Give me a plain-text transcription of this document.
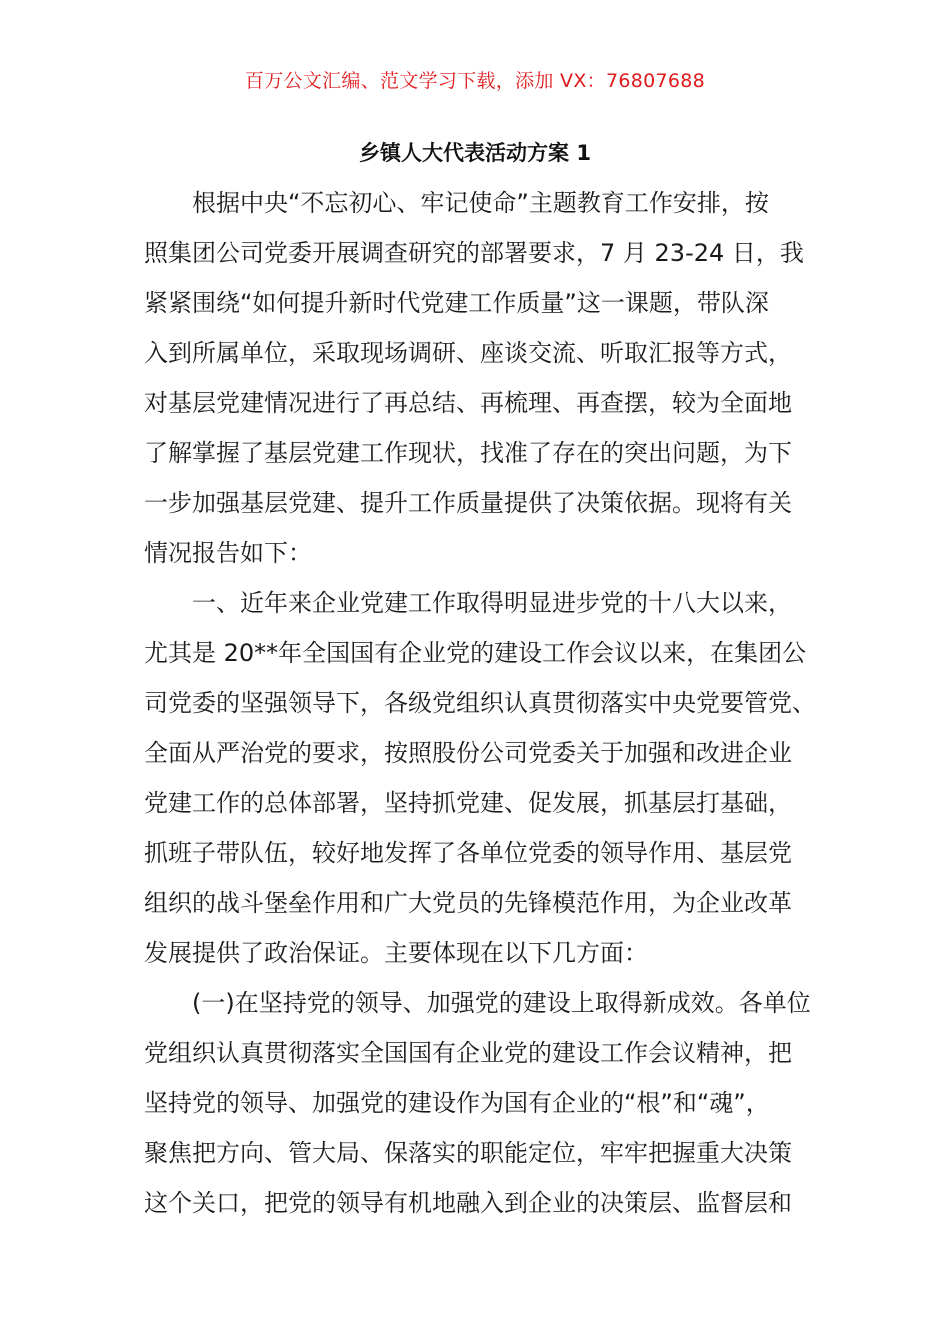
百万公文汇编、范文学习下载，添加 VX：76807688
乡镇人大代表活动方案 1
根据中央“不忘初心、牢记使命”主题教育工作安排，按
照集团公司党委开展调查研究的部署要求，7 月 23-24 日，我
紧紧围绕“如何提升新时代党建工作质量”这一课题，带队深
入到所属单位，采取现场调研、座谈交流、听取汇报等方式，
对基层党建情况进行了再总结、再梳理、再查摆，较为全面地
了解掌握了基层党建工作现状，找准了存在的突出问题，为下
一步加强基层党建、提升工作质量提供了决策依据。现将有关
情况报告如下：
一、近年来企业党建工作取得明显进步党的十八大以来，
尤其是 20**年全国国有企业党的建设工作会议以来，在集团公
司党委的坚强领导下，各级党组织认真贯彻落实中央党要管党、
全面从严治党的要求，按照股份公司党委关于加强和改进企业
党建工作的总体部署，坚持抓党建、促发展，抓基层打基础，
抓班子带队伍，较好地发挥了各单位党委的领导作用、基层党
组织的战斗堡垒作用和广大党员的先锋模范作用，为企业改革
发展提供了政治保证。主要体现在以下几方面：
(一)在坚持党的领导、加强党的建设上取得新成效。各单位
党组织认真贯彻落实全国国有企业党的建设工作会议精神，把
坚持党的领导、加强党的建设作为国有企业的“根”和“魂”，
聚焦把方向、管大局、保落实的职能定位，牢牢把握重大决策
这个关口，把党的领导有机地融入到企业的决策层、监督层和
